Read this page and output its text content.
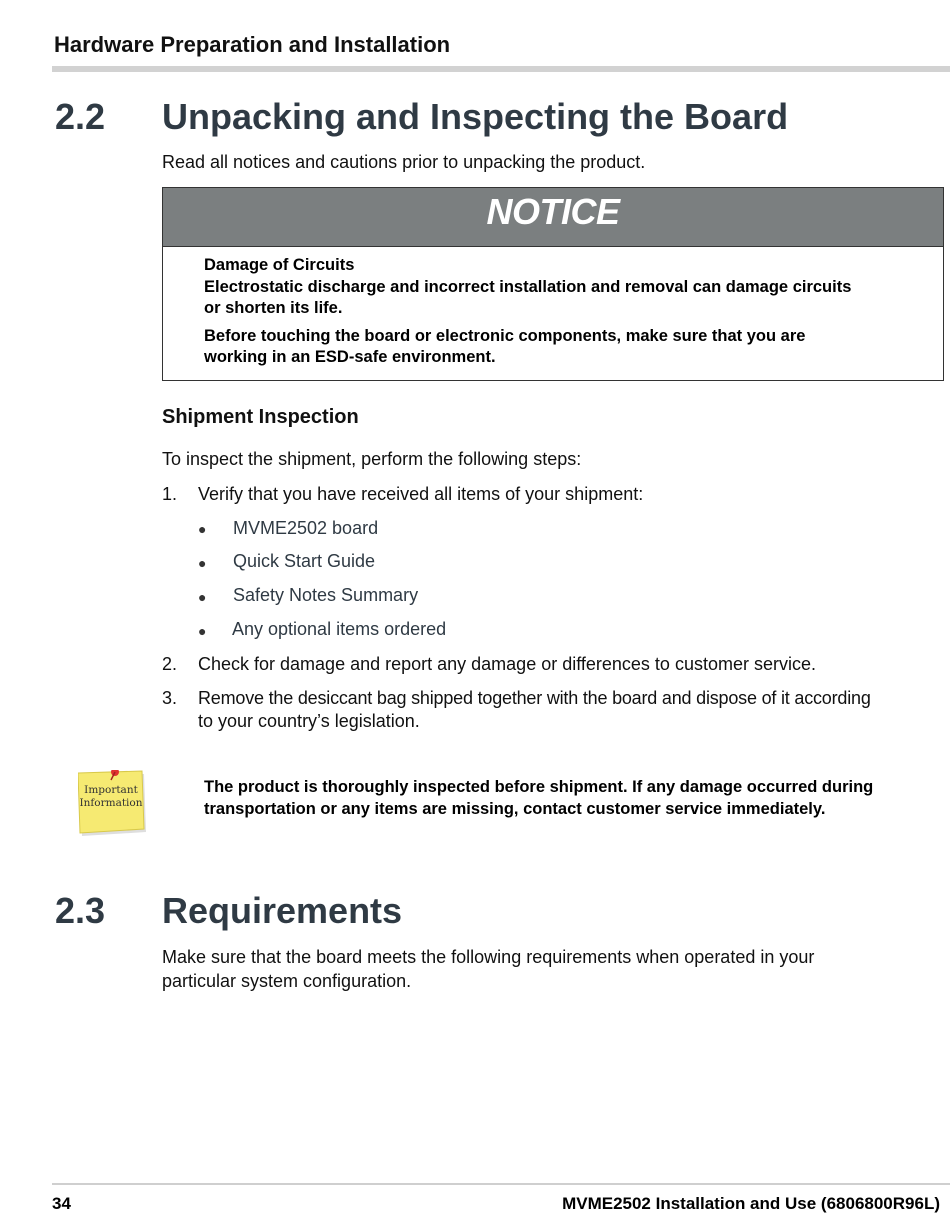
Hardware Preparation and Installation
2.2 Unpacking and Inspecting the Board
Read all notices and cautions prior to unpacking the product.
NOTICE
Damage of Circuits
Electrostatic discharge and incorrect installation and removal can damage circuits
or shorten its life.
Before touching the board or electronic components, make sure that you are
working in an ESD-safe environment.
Shipment Inspection
To inspect the shipment, perform the following steps:
1.	Verify that you have received all items of your shipment:
● MVME2502 board
● Quick Start Guide
● Safety Notes Summary
● Any optional items ordered
2.	Check for damage and report any damage or differences to customer service.
3.	Remove the desiccant bag shipped together with the board and dispose of it according
to your country’s legislation.
Important
Information
The product is thoroughly inspected before shipment. If any damage occurred during
transportation or any items are missing, contact customer service immediately.
2.3 Requirements
Make sure that the board meets the following requirements when operated in your
particular system configuration.
34	MVME2502 Installation and Use (6806800R96L)
